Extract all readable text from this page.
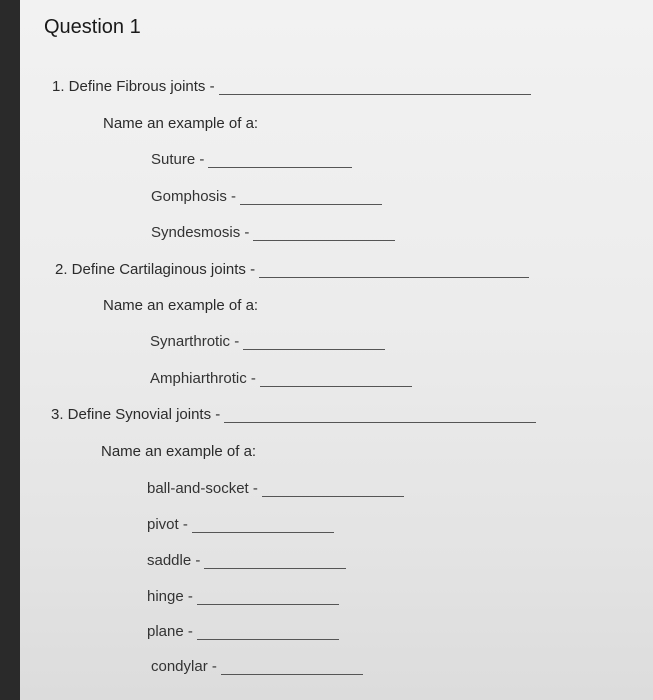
Question 1
1. Define Fibrous joints -
Name an example of a:
Suture -
Gomphosis -
Syndesmosis -
2. Define Cartilaginous joints -
Name an example of a:
Synarthrotic -
Amphiarthrotic -
3. Define Synovial joints -
Name an example of a:
ball-and-socket -
pivot -
saddle -
hinge -
plane -
condylar -
